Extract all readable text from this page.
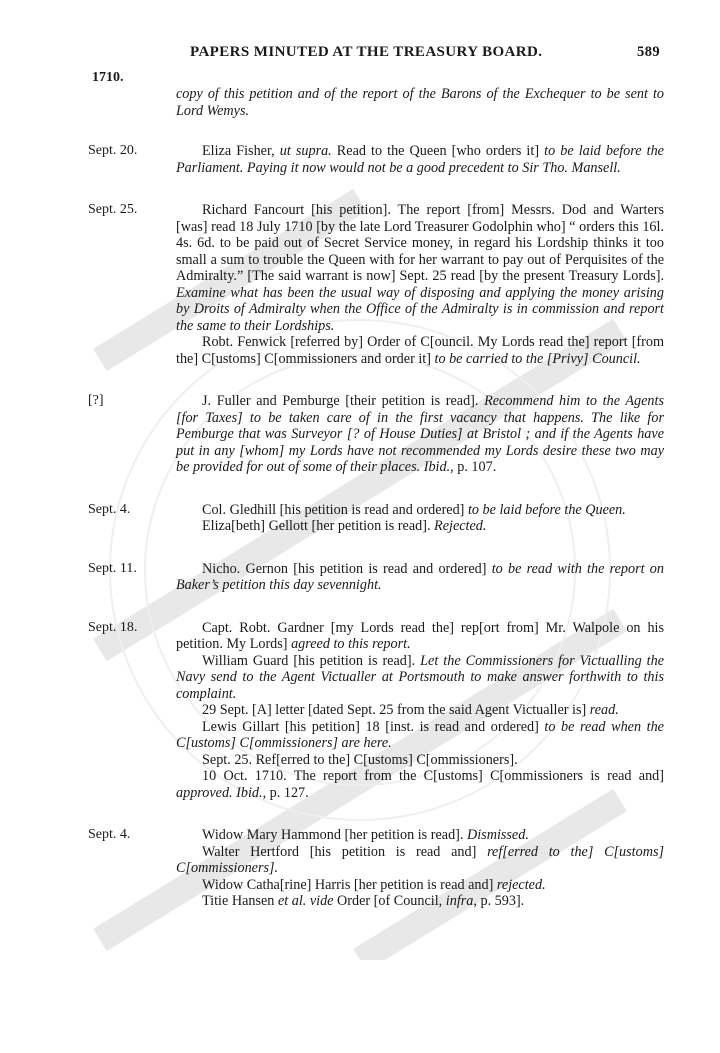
PAPERS MINUTED AT THE TREASURY BOARD.	589
1710.

copy of this petition and of the report of the Barons of the Exchequer to be sent to Lord Wemys.

Sept. 20.	Eliza Fisher, ut supra. Read to the Queen [who orders it] to be laid before the Parliament. Paying it now would not be a good precedent to Sir Tho. Mansell.

Sept. 25.	Richard Fancourt [his petition]. The report [from] Messrs. Dod and Warters [was] read 18 July 1710 [by the late Lord Treasurer Godolphin who] “ orders this 16l. 4s. 6d. to be paid out of Secret Service money, in regard his Lordship thinks it too small a sum to trouble the Queen with for her warrant to pay out of Perquisites of the Admiralty.” [The said warrant is now] Sept. 25 read [by the present Treasury Lords]. Examine what has been the usual way of disposing and applying the money arising by Droits of Admiralty when the Office of the Admiralty is in commission and report the same to their Lordships.

Robt. Fenwick [referred by] Order of C[ouncil. My Lords read the] report [from the] C[ustoms] C[ommissioners and order it] to be carried to the [Privy] Council.

[?]	J. Fuller and Pemburge [their petition is read]. Recommend him to the Agents [for Taxes] to be taken care of in the first vacancy that happens. The like for Pemburge that was Surveyor [? of House Duties] at Bristol ; and if the Agents have put in any [whom] my Lords have not recommended my Lords desire these two may be provided for out of some of their places. Ibid., p. 107.

Sept. 4.	Col. Gledhill [his petition is read and ordered] to be laid before the Queen.

Eliza[beth] Gellott [her petition is read]. Rejected.

Sept. 11.	Nicho. Gernon [his petition is read and ordered] to be read with the report on Baker’s petition this day sevennight.

Sept. 18.	Capt. Robt. Gardner [my Lords read the] rep[ort from] Mr. Walpole on his petition. My Lords] agreed to this report.

William Guard [his petition is read]. Let the Commissioners for Victualling the Navy send to the Agent Victualler at Portsmouth to make answer forthwith to this complaint.

29 Sept. [A] letter [dated Sept. 25 from the said Agent Victualler is] read.

Lewis Gillart [his petition] 18 [inst. is read and ordered] to be read when the C[ustoms] C[ommissioners] are here.

Sept. 25. Ref[erred to the] C[ustoms] C[ommissioners].

10 Oct. 1710. The report from the C[ustoms] C[ommissioners is read and] approved. Ibid., p. 127.

Sept. 4.	Widow Mary Hammond [her petition is read]. Dismissed.

Walter Hertford [his petition is read and] ref[erred to the] C[ustoms] C[ommissioners].

Widow Catha[rine] Harris [her petition is read and] rejected.

Titie Hansen et al. vide Order [of Council, infra, p. 593].
